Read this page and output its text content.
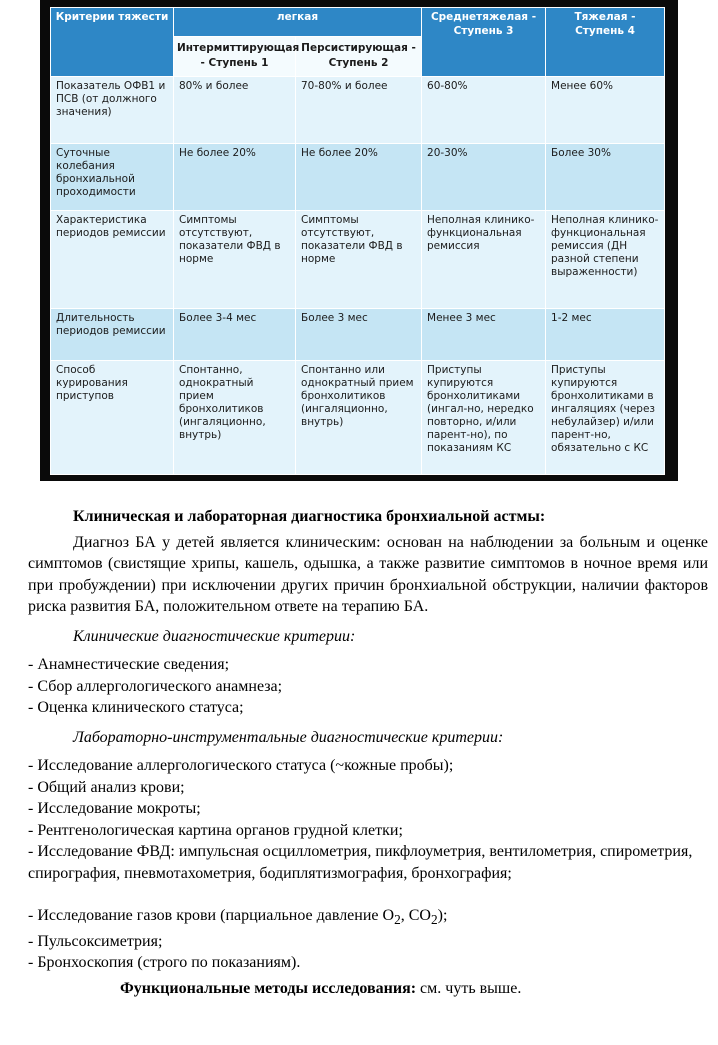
Критерии тяжести	легкая		Среднетяжелая - Ступень 3	Тяжелая - Ступень 4
	Интермиттирующая - Ступень 1	Персистирующая - Ступень 2		
Показатель ОФВ1 и ПСВ (от должного значения)	80% и более	70-80% и более	60-80%	Менее 60%
Суточные колебания бронхиальной проходимости	Не более 20%	Не более 20%	20-30%	Более 30%
Характеристика периодов ремиссии	Симптомы отсутствуют, показатели ФВД в норме	Симптомы отсутствуют, показатели ФВД в норме	Неполная клинико-функциональная ремиссия	Неполная клинико-функциональная ремиссия (ДН разной степени выраженности)
Длительность периодов ремиссии	Более 3-4 мес	Более 3 мес	Менее 3 мес	1-2 мес
Способ курирования приступов	Спонтанно, однократный прием бронхолитиков (ингаляционно, внутрь)	Спонтанно или однократный прием бронхолитиков (ингаляционно, внутрь)	Приступы купируются бронхолитиками (ингал-но, нередко повторно, и/или парент-но), по показаниям КС	Приступы купируются бронхолитиками в ингаляциях (через небулайзер) и/или парент-но, обязательно с КС

Клиническая и лабораторная диагностика бронхиальной астмы:

Диагноз БА у детей является клиническим: основан на наблюдении за больным и оценке симптомов (свистящие хрипы, кашель, одышка, а также развитие симптомов в ночное время или при пробуждении) при исключении других причин бронхиальной обструкции, наличии факторов риска развития БА, положительном ответе на терапию БА.

Клинические диагностические критерии:

- Анамнестические сведения;

- Сбор аллергологического анамнеза;

- Оценка клинического статуса;

Лабораторно-инструментальные диагностические критерии:

- Исследование аллергологического статуса (~кожные пробы);

- Общий анализ крови;

- Исследование мокроты;

- Рентгенологическая картина органов грудной клетки;

- Исследование ФВД: импульсная осциллометрия, пикфлоуметрия, вентилометрия, спирометрия, спирография, пневмотахометрия, бодиплятизмография, бронхография;

- Исследование газов крови (парциальное давление $O_2$, $CO_2$);

- Пульсоксиметрия;

- Бронхоскопия (строго по показаниям).

Функциональные методы исследования: см. чуть выше.
